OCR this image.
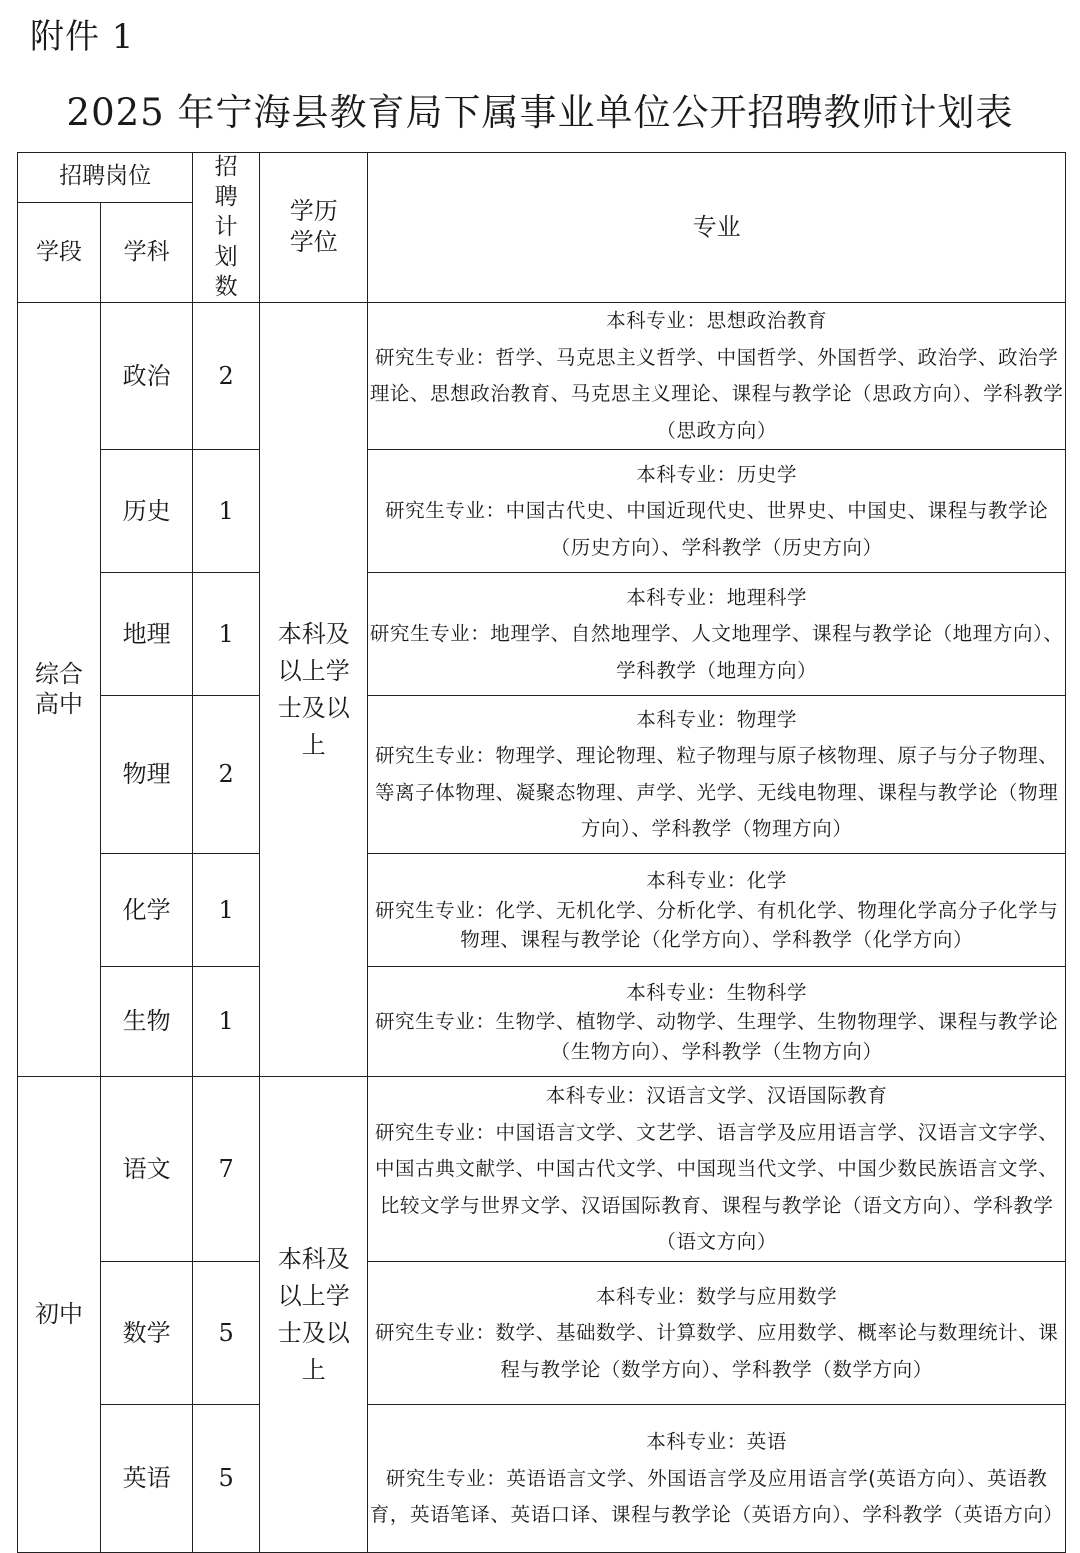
附件 1
2025 年宁海县教育局下属事业单位公开招聘教师计划表
招聘岗位		招聘计划数	学历学位	专业
学段	学科			
综合高中	政治	2	本科及以上学士及以上	本科专业：思想政治教育
研究生专业：哲学、马克思主义哲学、中国哲学、外国哲学、政治学、政治学理论、思想政治教育、马克思主义理论、课程与教学论（思政方向）、学科教学（思政方向）

	历史	1		本科专业：历史学
研究生专业：中国古代史、中国近现代史、世界史、中国史、课程与教学论（历史方向）、学科教学（历史方向）

	地理	1		本科专业：地理科学
研究生专业：地理学、自然地理学、人文地理学、课程与教学论（地理方向）、学科教学（地理方向）

	物理	2		本科专业：物理学
研究生专业：物理学、理论物理、粒子物理与原子核物理、原子与分子物理、等离子体物理、凝聚态物理、声学、光学、无线电物理、课程与教学论（物理方向）、学科教学（物理方向）

	化学	1		本科专业：化学
研究生专业：化学、无机化学、分析化学、有机化学、物理化学高分子化学与物理、课程与教学论（化学方向）、学科教学（化学方向）

	生物	1		本科专业：生物科学
研究生专业：生物学、植物学、动物学、生理学、生物物理学、课程与教学论（生物方向）、学科教学（生物方向）

初中	语文	7	本科及以上学士及以上	本科专业：汉语言文学、汉语国际教育
研究生专业：中国语言文学、文艺学、语言学及应用语言学、汉语言文字学、中国古典文献学、中国古代文学、中国现当代文学、中国少数民族语言文学、比较文学与世界文学、汉语国际教育、课程与教学论（语文方向）、学科教学（语文方向）

	数学	5		本科专业：数学与应用数学
研究生专业：数学、基础数学、计算数学、应用数学、概率论与数理统计、课程与教学论（数学方向）、学科教学（数学方向）

	英语	5		本科专业：英语
研究生专业：英语语言文学、外国语言学及应用语言学(英语方向）、英语教育，英语笔译、英语口译、课程与教学论（英语方向）、学科教学（英语方向）
